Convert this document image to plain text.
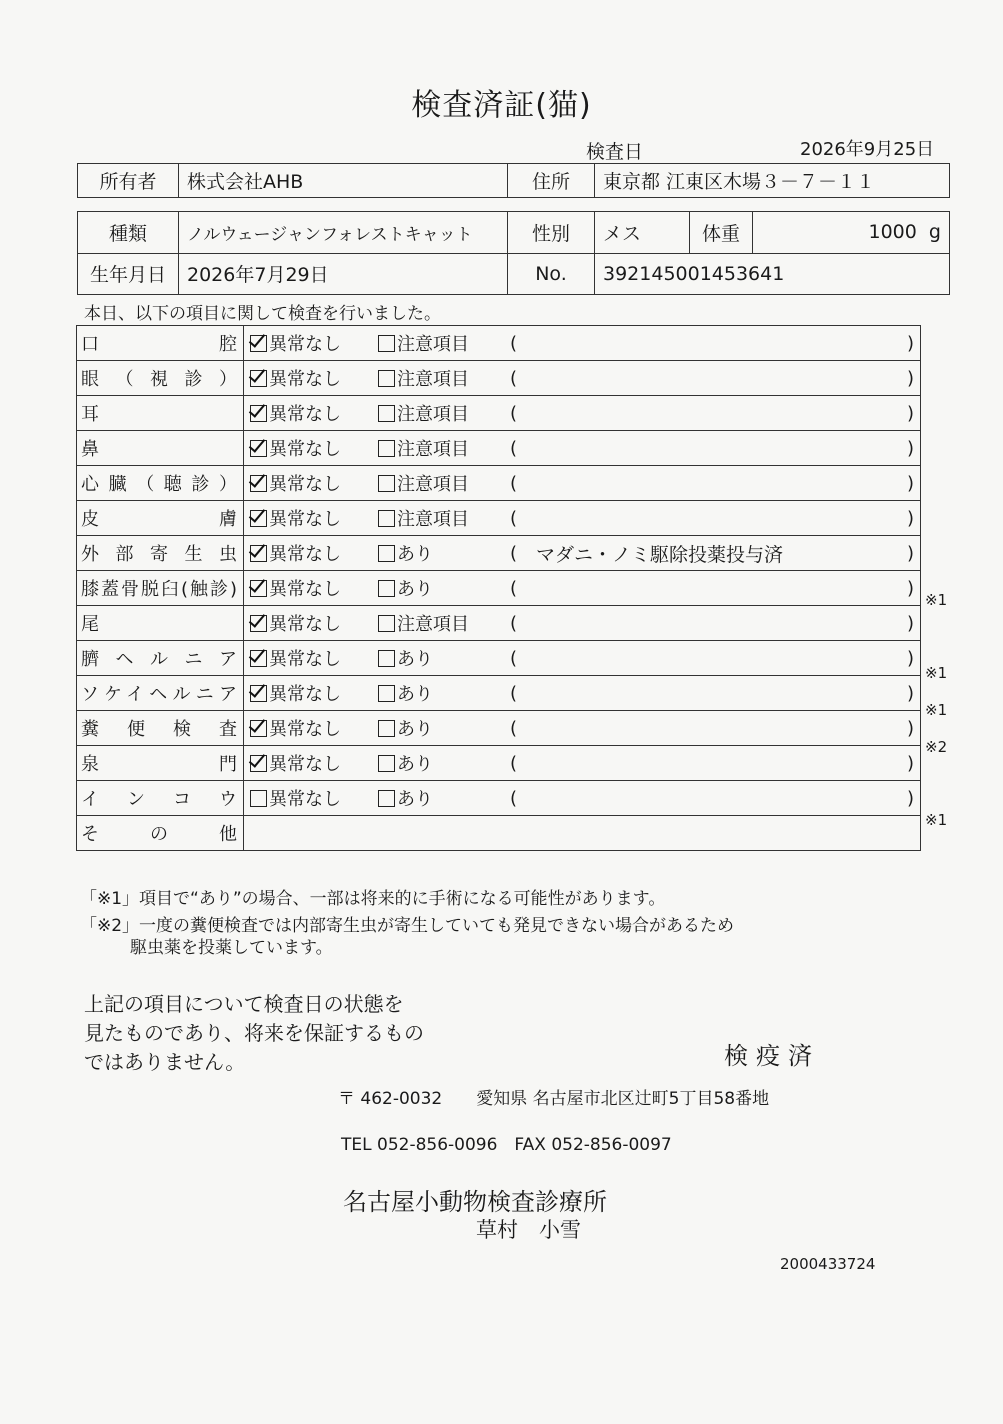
検査済証(猫)
検査日	2026年9月25日
所有者	株式会社AHB	住所	東京都 江東区木場３－７－１１
種類	ノルウェージャンフォレストキャット	性別	メス	体重	1000  g
生年月日	2026年7月29日	No.	392145001453641		
本日、以下の項目に関して検査を行いました。
口　　　　腔	異常なし 注意項目 ( )

眼（視診）	異常なし 注意項目 ( )

耳	異常なし 注意項目 ( )

鼻	異常なし 注意項目 ( )

心臓（聴診）	異常なし 注意項目 ( )

皮　　　　膚	異常なし 注意項目 ( )

外部寄生虫	異常なし あり ( マダニ・ノミ駆除投薬投与済 )

膝蓋骨脱臼(触診)	異常なし あり ( )

尾	異常なし 注意項目 ( )

臍ヘルニア	異常なし あり ( )

ソケイヘルニア	異常なし あり ( )

糞便検査	異常なし あり ( )

泉　　　　門	異常なし あり ( )

インコウ	異常なし あり ( )

そ　の　他	
※1
※1
※1
※2
※1
「※1」項目で“あり”の場合、一部は将来的に手術になる可能性があります。
「※2」一度の糞便検査では内部寄生虫が寄生していても発見できない場合があるため
駆虫薬を投薬しています。
上記の項目について検査日の状態を
見たものであり、将来を保証するもの
ではありません。	検疫済
〒 462-0032　　愛知県 名古屋市北区辻町5丁目58番地
TEL 052-856-0096　FAX 052-856-0097
名古屋小動物検査診療所
草村　小雪
2000433724
